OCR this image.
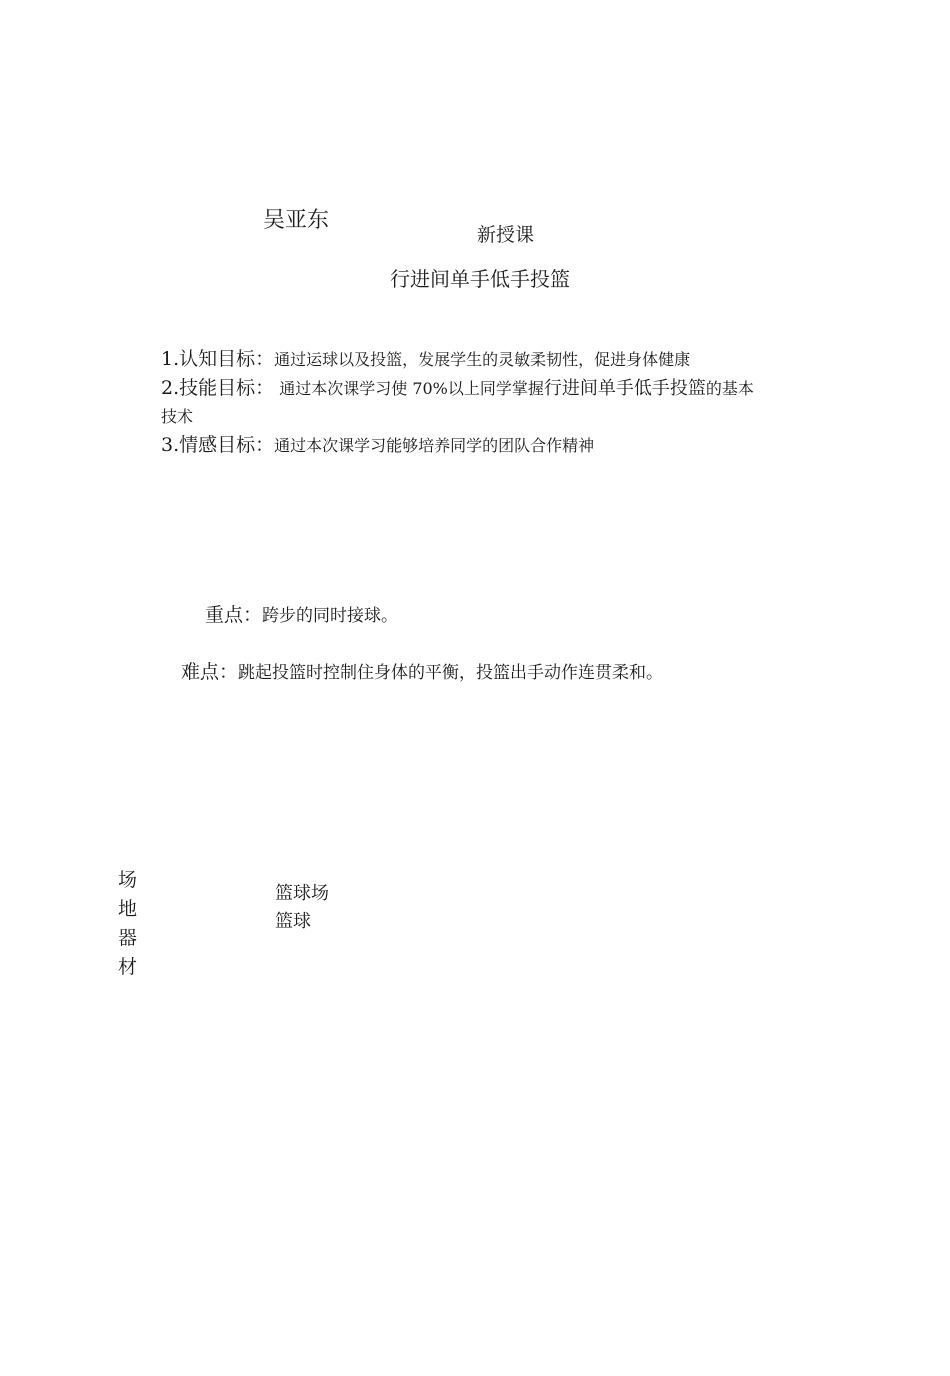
吴亚东
新授课
行进间单手低手投篮
1.认知目标：通过运球以及投篮，发展学生的灵敏柔韧性，促进身体健康
2.技能目标： 通过本次课学习使 70%以上同学掌握行进间单手低手投篮的基本
技术
3.情感目标：通过本次课学习能够培养同学的团队合作精神
重点：跨步的同时接球。
难点：跳起投篮时控制住身体的平衡，投篮出手动作连贯柔和。
场
地
器
材
篮球场
篮球
